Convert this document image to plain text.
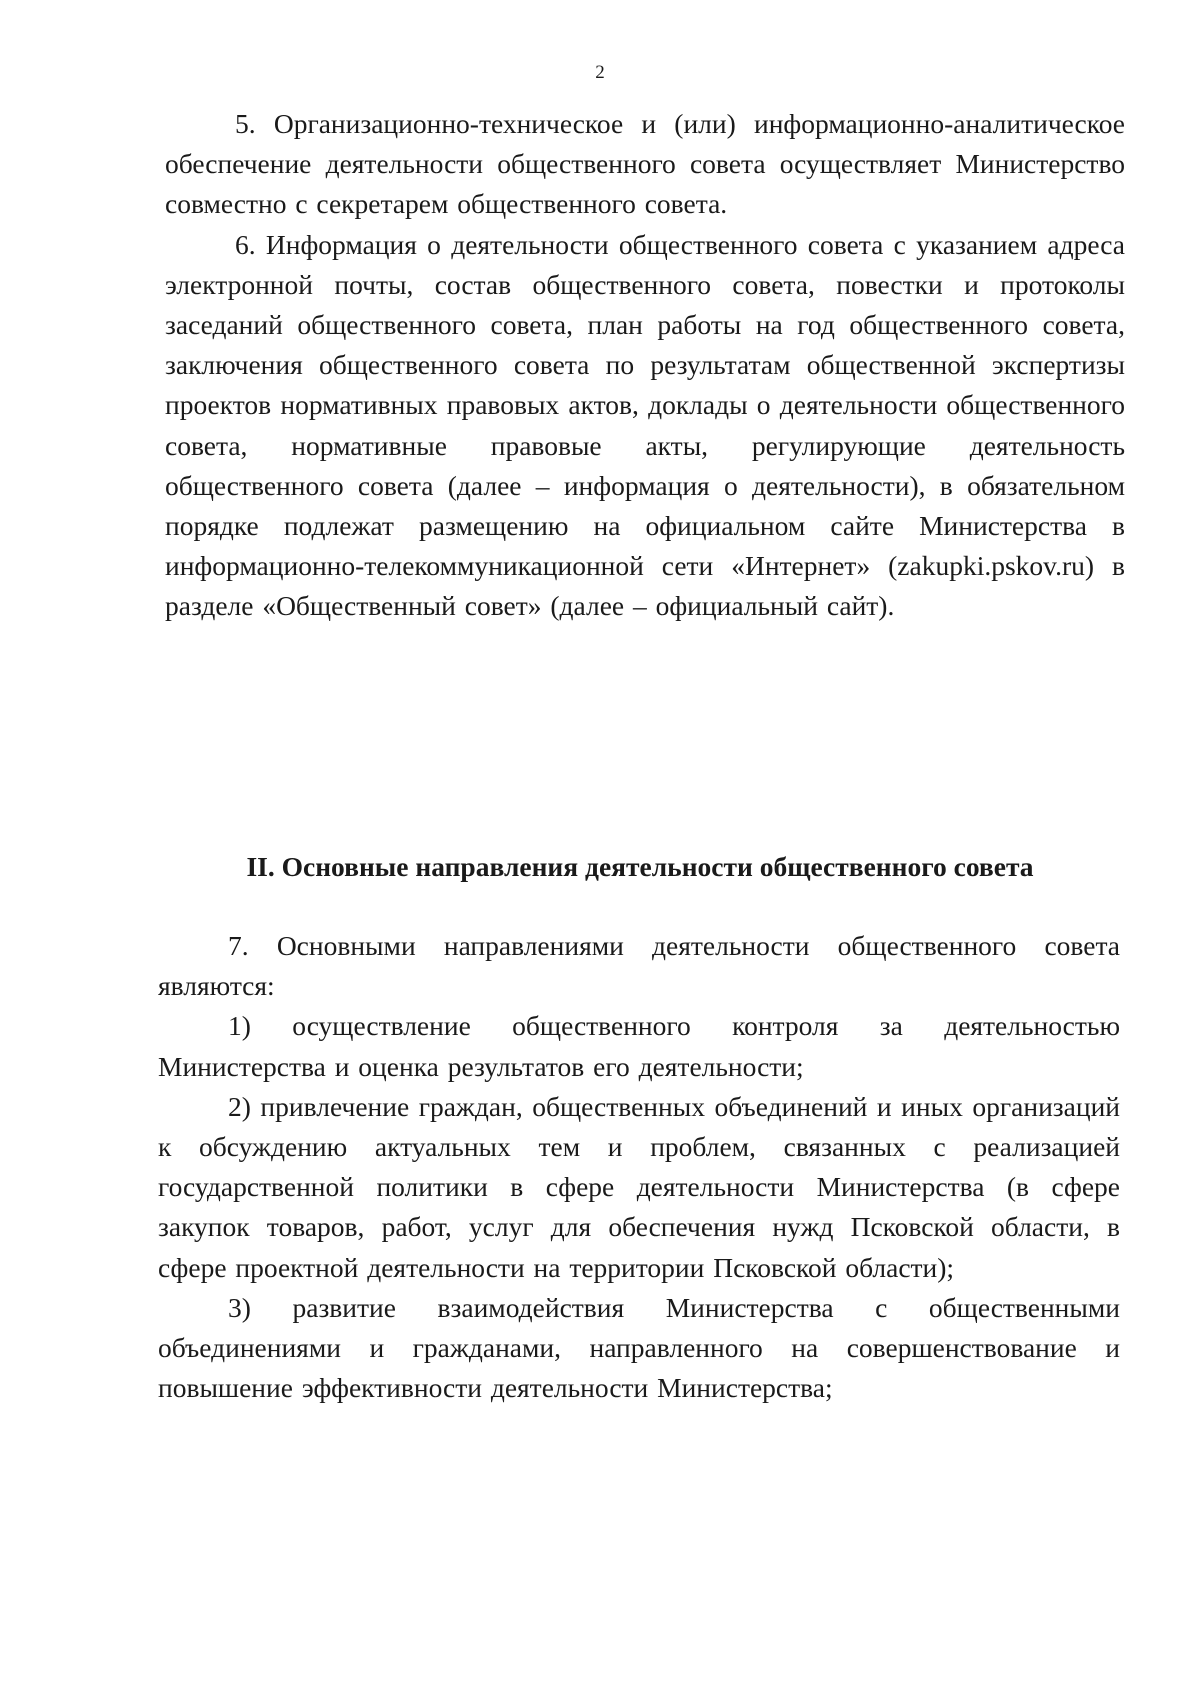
2

5. Организационно-техническое и (или) информационно-аналитическое обеспечение деятельности общественного совета осуществляет Министерство совместно с секретарем общественного совета.

6. Информация о деятельности общественного совета с указанием адреса электронной почты, состав общественного совета, повестки и протоколы заседаний общественного совета, план работы на год общественного совета, заключения общественного совета по результатам общественной экспертизы проектов нормативных правовых актов, доклады о деятельности общественного совета, нормативные правовые акты, регулирующие деятельность общественного совета (далее – информация о деятельности), в обязательном порядке подлежат размещению на официальном сайте Министерства в информационно-телекоммуникационной сети «Интернет» (zakupki.pskov.ru) в разделе «Общественный совет» (далее – официальный сайт).

II. Основные направления деятельности общественного совета

7. Основными направлениями деятельности общественного совета являются:

1) осуществление общественного контроля за деятельностью Министерства и оценка результатов его деятельности;

2) привлечение граждан, общественных объединений и иных организаций к обсуждению актуальных тем и проблем, связанных с реализацией государственной политики в сфере деятельности Министерства (в сфере закупок товаров, работ, услуг для обеспечения нужд Псковской области, в сфере проектной деятельности на территории Псковской области);

3) развитие взаимодействия Министерства с общественными объединениями и гражданами, направленного на совершенствование и повышение эффективности деятельности Министерства;
